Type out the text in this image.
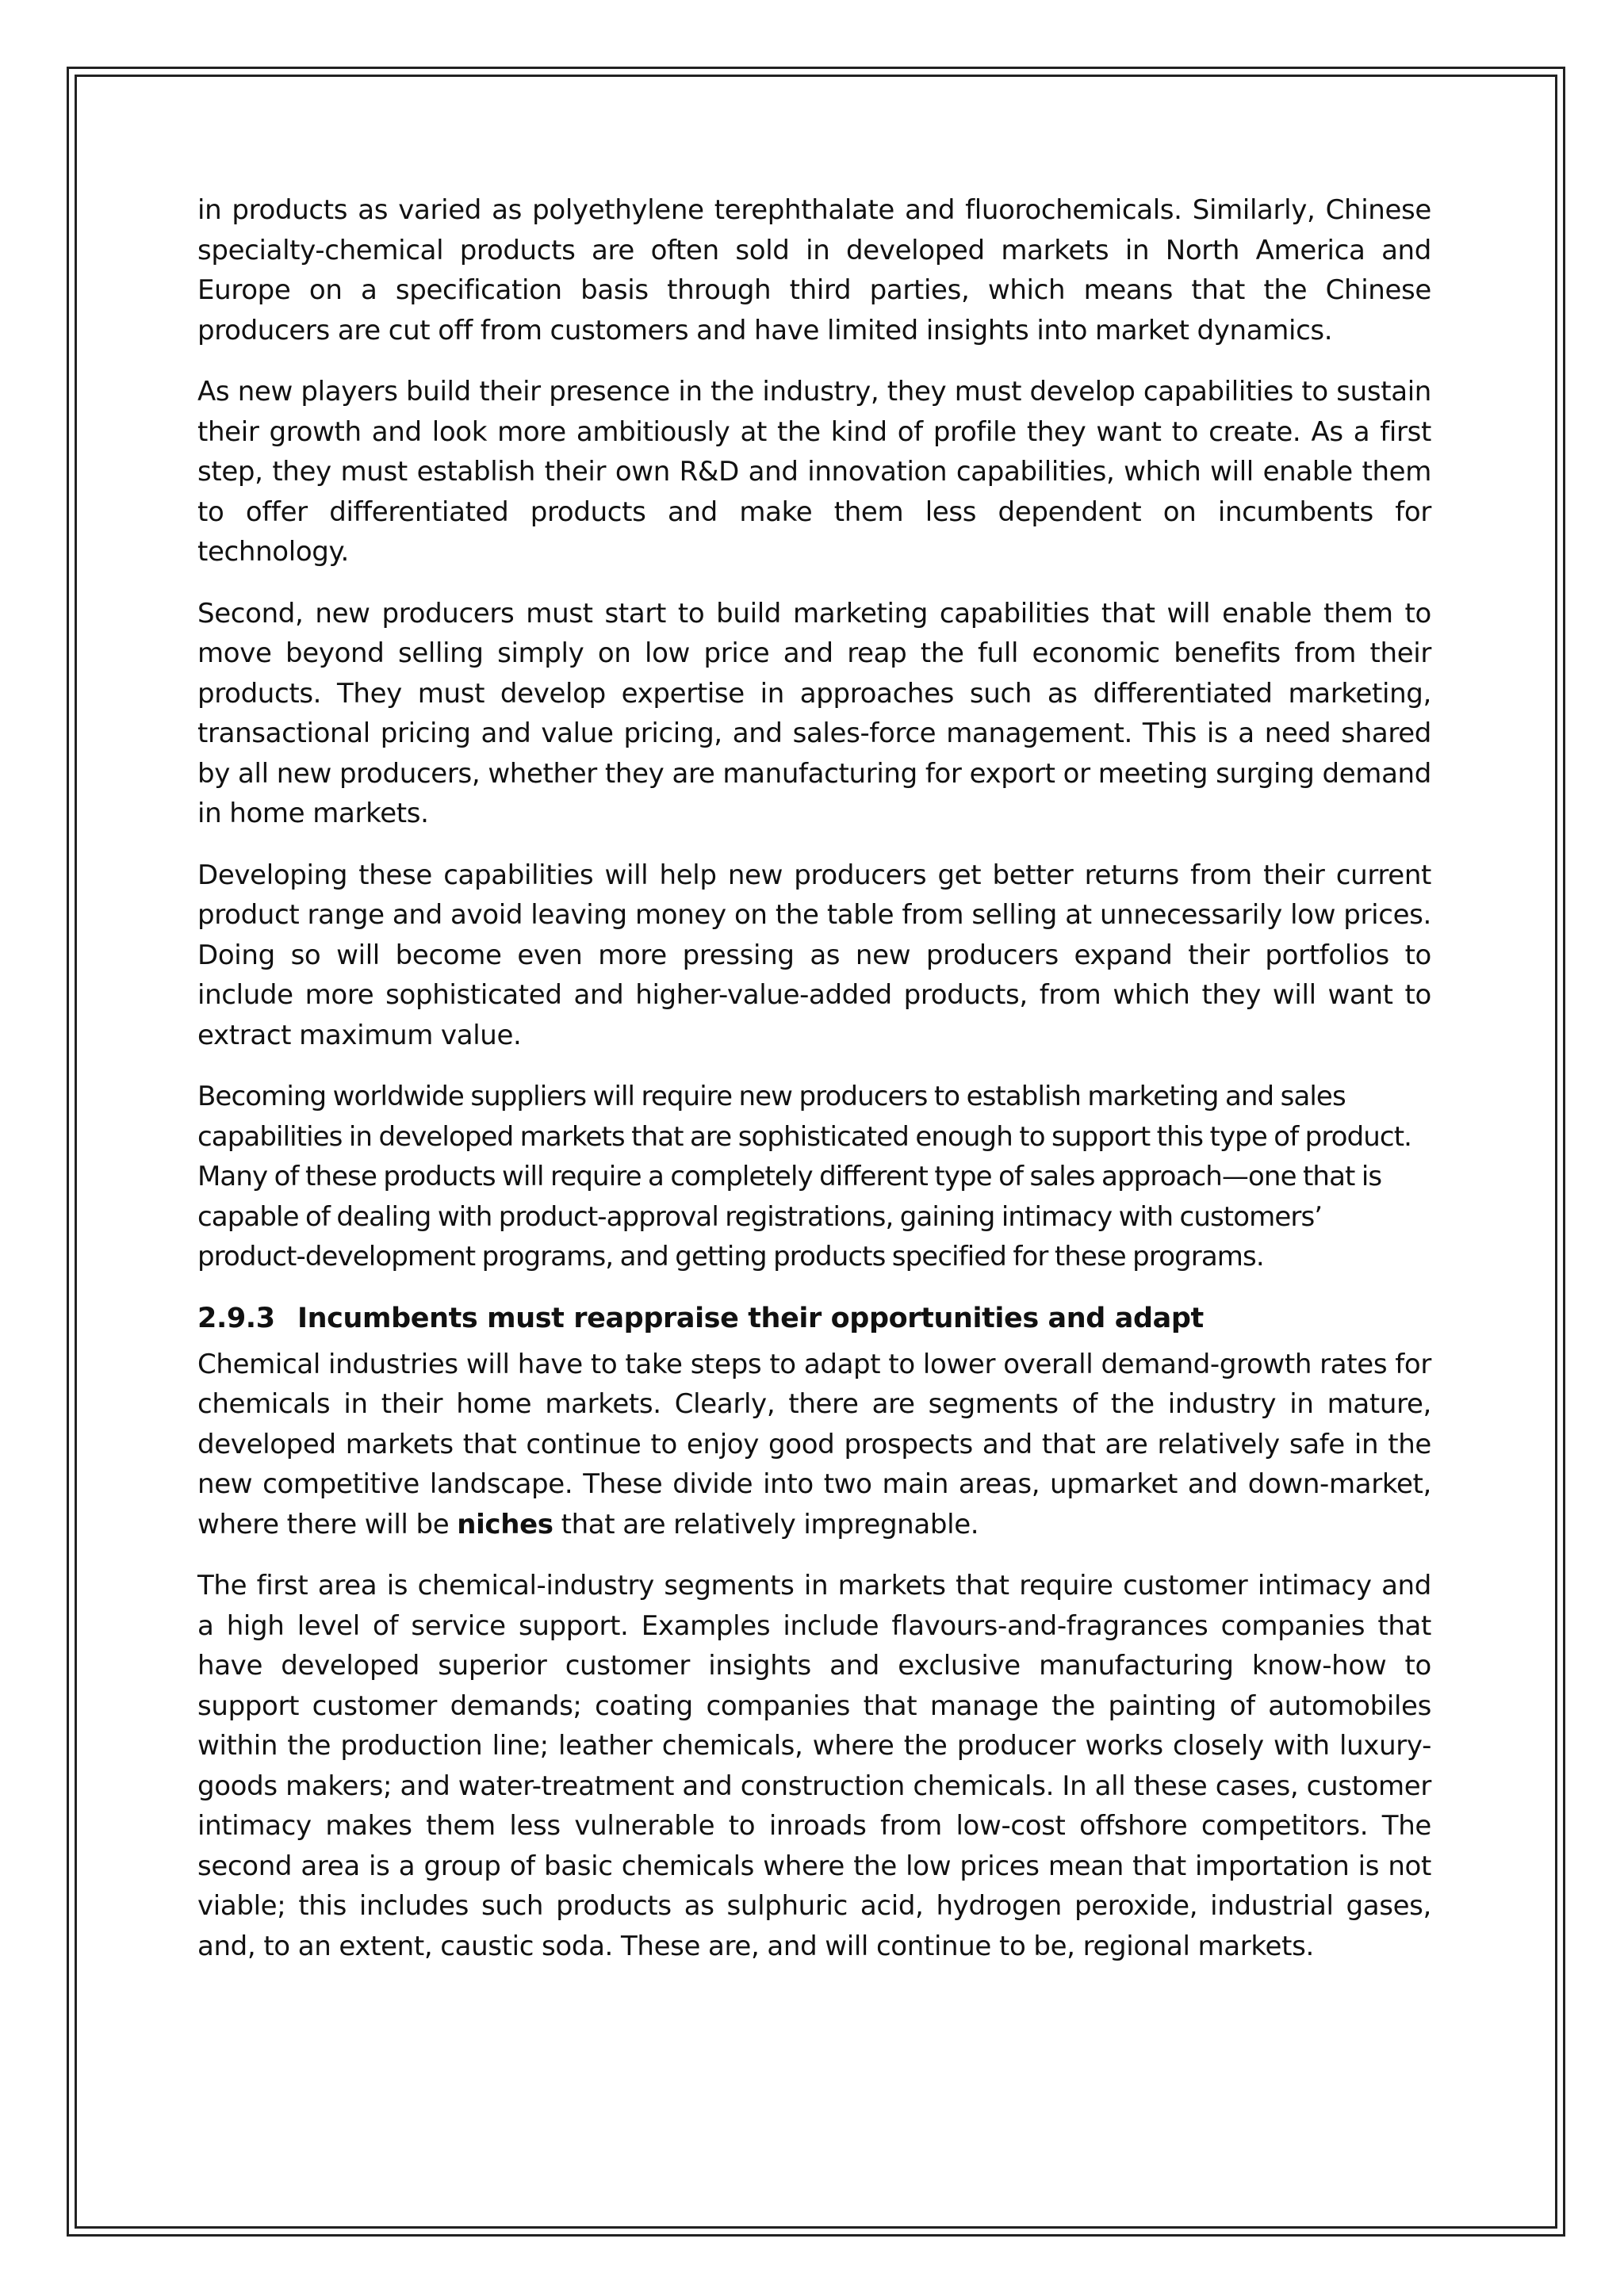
in products as varied as polyethylene terephthalate and fluorochemicals. Similarly, Chinese specialty-chemical products are often sold in developed markets in North America and Europe on a specification basis through third parties, which means that the Chinese producers are cut off from customers and have limited insights into market dynamics.

As new players build their presence in the industry, they must develop capabilities to sustain their growth and look more ambitiously at the kind of profile they want to create. As a first step, they must establish their own R&D and innovation capabilities, which will enable them to offer differentiated products and make them less dependent on incumbents for technology.

Second, new producers must start to build marketing capabilities that will enable them to move beyond selling simply on low price and reap the full economic benefits from their products. They must develop expertise in approaches such as differentiated marketing, transactional pricing and value pricing, and sales-force management. This is a need shared by all new producers, whether they are manufacturing for export or meeting surging demand in home markets.

Developing these capabilities will help new producers get better returns from their current product range and avoid leaving money on the table from selling at unnecessarily low prices. Doing so will become even more pressing as new producers expand their portfolios to include more sophisticated and higher-value-added products, from which they will want to extract maximum value.

Becoming worldwide suppliers will require new producers to establish marketing and sales capabilities in developed markets that are sophisticated enough to support this type of product. Many of these products will require a completely different type of sales approach—one that is capable of dealing with product-approval registrations, gaining intimacy with customers’ product-development programs, and getting products specified for these programs.

2.9.3 Incumbents must reappraise their opportunities and adapt

Chemical industries will have to take steps to adapt to lower overall demand-growth rates for chemicals in their home markets. Clearly, there are segments of the industry in mature, developed markets that continue to enjoy good prospects and that are relatively safe in the new competitive landscape. These divide into two main areas, upmarket and down-market, where there will be niches that are relatively impregnable.

The first area is chemical-industry segments in markets that require customer intimacy and a high level of service support. Examples include flavours-and-fragrances companies that have developed superior customer insights and exclusive manufacturing know-how to support customer demands; coating companies that manage the painting of automobiles within the production line; leather chemicals, where the producer works closely with luxury-goods makers; and water-treatment and construction chemicals. In all these cases, customer intimacy makes them less vulnerable to inroads from low-cost offshore competitors. The second area is a group of basic chemicals where the low prices mean that importation is not viable; this includes such products as sulphuric acid, hydrogen peroxide, industrial gases, and, to an extent, caustic soda. These are, and will continue to be, regional markets.
